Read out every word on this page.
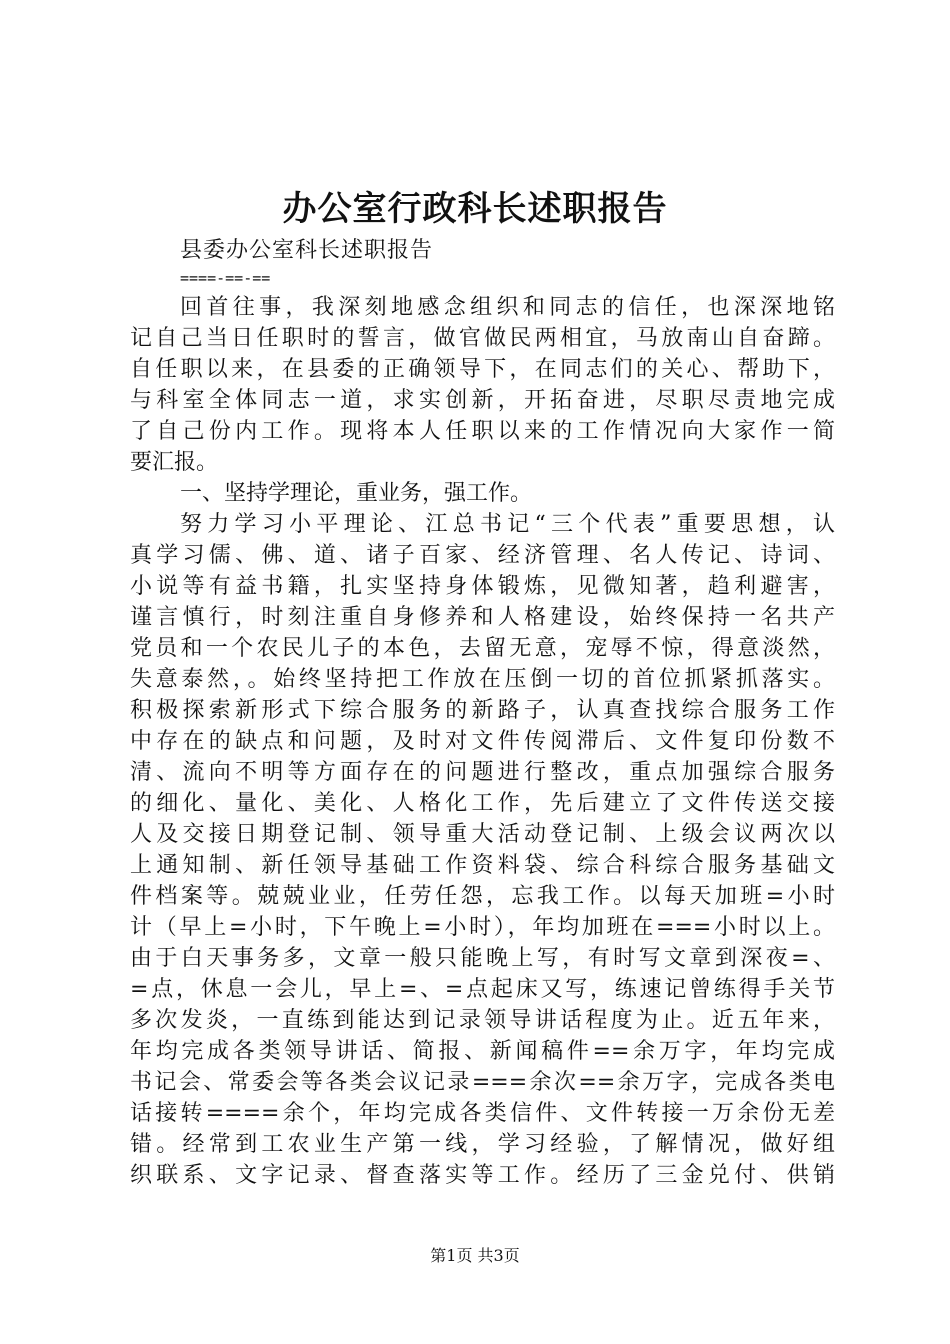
办公室行政科长述职报告
县委办公室科长述职报告
====-==-==
回首往事，我深刻地感念组织和同志的信任，也深深地铭
记自己当日任职时的誓言，做官做民两相宜，马放南山自奋蹄。
自任职以来，在县委的正确领导下，在同志们的关心、帮助下，
与科室全体同志一道，求实创新，开拓奋进，尽职尽责地完成
了自己份内工作。现将本人任职以来的工作情况向大家作一简
要汇报。
一、坚持学理论，重业务，强工作。
努力学习小平理论、江总书记“三个代表”重要思想，认
真学习儒、佛、道、诸子百家、经济管理、名人传记、诗词、
小说等有益书籍，扎实坚持身体锻炼，见微知著，趋利避害，
谨言慎行，时刻注重自身修养和人格建设，始终保持一名共产
党员和一个农民儿子的本色，去留无意，宠辱不惊，得意淡然，
失意泰然，。始终坚持把工作放在压倒一切的首位抓紧抓落实。
积极探索新形式下综合服务的新路子，认真查找综合服务工作
中存在的缺点和问题，及时对文件传阅滞后、文件复印份数不
清、流向不明等方面存在的问题进行整改，重点加强综合服务
的细化、量化、美化、人格化工作，先后建立了文件传送交接
人及交接日期登记制、领导重大活动登记制、上级会议两次以
上通知制、新任领导基础工作资料袋、综合科综合服务基础文
件档案等。兢兢业业，任劳任怨，忘我工作。以每天加班=小时
计（早上=小时，下午晚上=小时），年均加班在===小时以上。
由于白天事务多，文章一般只能晚上写，有时写文章到深夜=、
=点，休息一会儿，早上=、=点起床又写，练速记曾练得手关节
多次发炎，一直练到能达到记录领导讲话程度为止。近五年来，
年均完成各类领导讲话、简报、新闻稿件==余万字，年均完成
书记会、常委会等各类会议记录===余次==余万字，完成各类电
话接转====余个，年均完成各类信件、文件转接一万余份无差
错。经常到工农业生产第一线，学习经验，了解情况，做好组
织联系、文字记录、督查落实等工作。经历了三金兑付、供销
第1页 共3页
